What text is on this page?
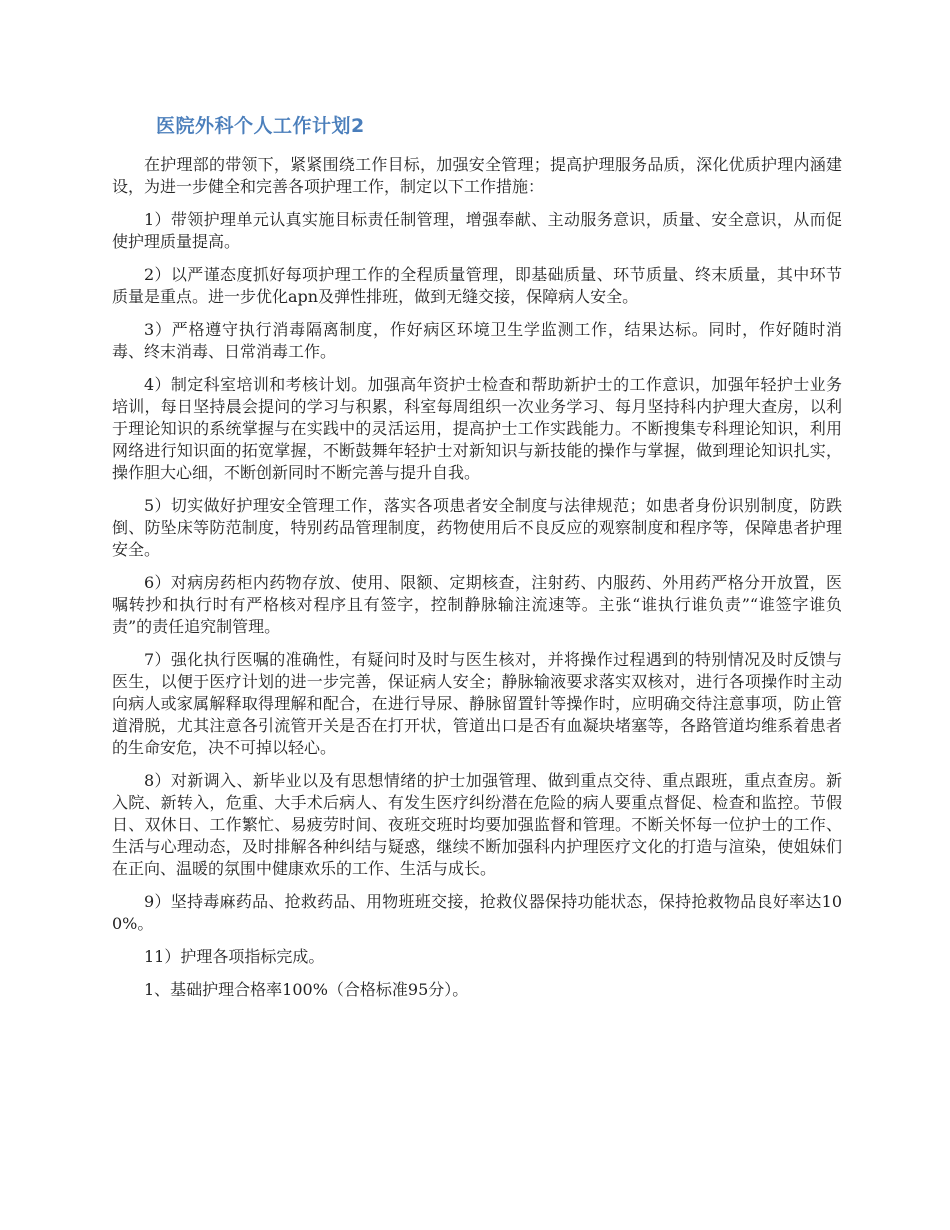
医院外科个人工作计划2

在护理部的带领下，紧紧围绕工作目标，加强安全管理；提高护理服务品质，深化优质护理内涵建设，为进一步健全和完善各项护理工作，制定以下工作措施：

1）带领护理单元认真实施目标责任制管理，增强奉献、主动服务意识，质量、安全意识，从而促使护理质量提高。

2）以严谨态度抓好每项护理工作的全程质量管理，即基础质量、环节质量、终末质量，其中环节质量是重点。进一步优化apn及弹性排班，做到无缝交接，保障病人安全。

3）严格遵守执行消毒隔离制度，作好病区环境卫生学监测工作，结果达标。同时，作好随时消毒、终末消毒、日常消毒工作。

4）制定科室培训和考核计划。加强高年资护士检查和帮助新护士的工作意识，加强年轻护士业务培训，每日坚持晨会提问的学习与积累，科室每周组织一次业务学习、每月坚持科内护理大查房，以利于理论知识的系统掌握与在实践中的灵活运用，提高护士工作实践能力。不断搜集专科理论知识，利用网络进行知识面的拓宽掌握，不断鼓舞年轻护士对新知识与新技能的操作与掌握，做到理论知识扎实，操作胆大心细，不断创新同时不断完善与提升自我。

5）切实做好护理安全管理工作，落实各项患者安全制度与法律规范；如患者身份识别制度，防跌倒、防坠床等防范制度，特别药品管理制度，药物使用后不良反应的观察制度和程序等，保障患者护理安全。

6）对病房药柜内药物存放、使用、限额、定期核查，注射药、内服药、外用药严格分开放置，医嘱转抄和执行时有严格核对程序且有签字，控制静脉输注流速等。主张“谁执行谁负责”“谁签字谁负责”的责任追究制管理。

7）强化执行医嘱的准确性，有疑问时及时与医生核对，并将操作过程遇到的特别情况及时反馈与医生，以便于医疗计划的进一步完善，保证病人安全；静脉输液要求落实双核对，进行各项操作时主动向病人或家属解释取得理解和配合，在进行导尿、静脉留置针等操作时，应明确交待注意事项，防止管道滑脱，尤其注意各引流管开关是否在打开状，管道出口是否有血凝块堵塞等，各路管道均维系着患者的生命安危，决不可掉以轻心。

8）对新调入、新毕业以及有思想情绪的护士加强管理、做到重点交待、重点跟班，重点查房。新入院、新转入，危重、大手术后病人、有发生医疗纠纷潜在危险的病人要重点督促、检查和监控。节假日、双休日、工作繁忙、易疲劳时间、夜班交班时均要加强监督和管理。不断关怀每一位护士的工作、生活与心理动态，及时排解各种纠结与疑惑，继续不断加强科内护理医疗文化的打造与渲染，使姐妹们在正向、温暖的氛围中健康欢乐的工作、生活与成长。

9）坚持毒麻药品、抢救药品、用物班班交接，抢救仪器保持功能状态，保持抢救物品良好率达100%。

11）护理各项指标完成。

1、基础护理合格率100%（合格标准95分）。
